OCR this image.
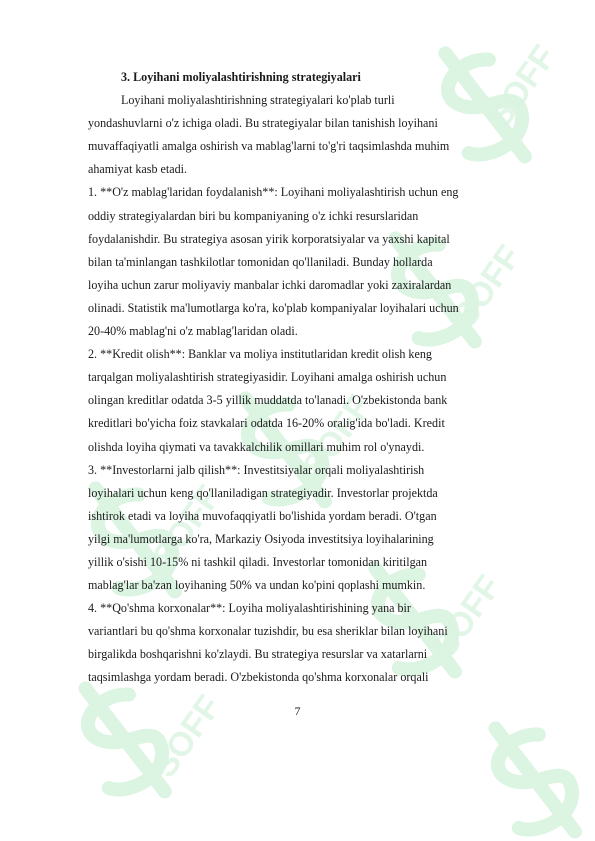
SOFF
SOFF
SOFF
SOFF
SOFF
SOFF
3. Loyihani moliyalashtirishning strategiyalari
Loyihani moliyalashtirishning strategiyalari ko'plab turli
yondashuvlarni o'z ichiga oladi. Bu strategiyalar bilan tanishish loyihani
muvaffaqiyatli amalga oshirish va mablag'larni to'g'ri taqsimlashda muhim
ahamiyat kasb etadi.
1. **O'z mablag'laridan foydalanish**: Loyihani moliyalashtirish uchun eng
oddiy strategiyalardan biri bu kompaniyaning o'z ichki resurslaridan
foydalanishdir. Bu strategiya asosan yirik korporatsiyalar va yaxshi kapital
bilan ta'minlangan tashkilotlar tomonidan qo'llaniladi. Bunday hollarda
loyiha uchun zarur moliyaviy manbalar ichki daromadlar yoki zaxiralardan
olinadi. Statistik ma'lumotlarga ko'ra, ko'plab kompaniyalar loyihalari uchun
20-40% mablag'ni o'z mablag'laridan oladi.
2. **Kredit olish**: Banklar va moliya institutlaridan kredit olish keng
tarqalgan moliyalashtirish strategiyasidir. Loyihani amalga oshirish uchun
olingan kreditlar odatda 3-5 yillik muddatda to'lanadi. O'zbekistonda bank
kreditlari bo'yicha foiz stavkalari odatda 16-20% oralig'ida bo'ladi. Kredit
olishda loyiha qiymati va tavakkalchilik omillari muhim rol o'ynaydi.
3. **Investorlarni jalb qilish**: Investitsiyalar orqali moliyalashtirish
loyihalari uchun keng qo'llaniladigan strategiyadir. Investorlar projektda
ishtirok etadi va loyiha muvofaqqiyatli bo'lishida yordam beradi. O'tgan
yilgi ma'lumotlarga ko'ra, Markaziy Osiyoda investitsiya loyihalarining
yillik o'sishi 10-15% ni tashkil qiladi. Investorlar tomonidan kiritilgan
mablag'lar ba'zan loyihaning 50% va undan ko'pini qoplashi mumkin.
4. **Qo'shma korxonalar**: Loyiha moliyalashtirishining yana bir
variantlari bu qo'shma korxonalar tuzishdir, bu esa sheriklar bilan loyihani
birgalikda boshqarishni ko'zlaydi. Bu strategiya resurslar va xatarlarni
taqsimlashga yordam beradi. O'zbekistonda qo'shma korxonalar orqali
7
